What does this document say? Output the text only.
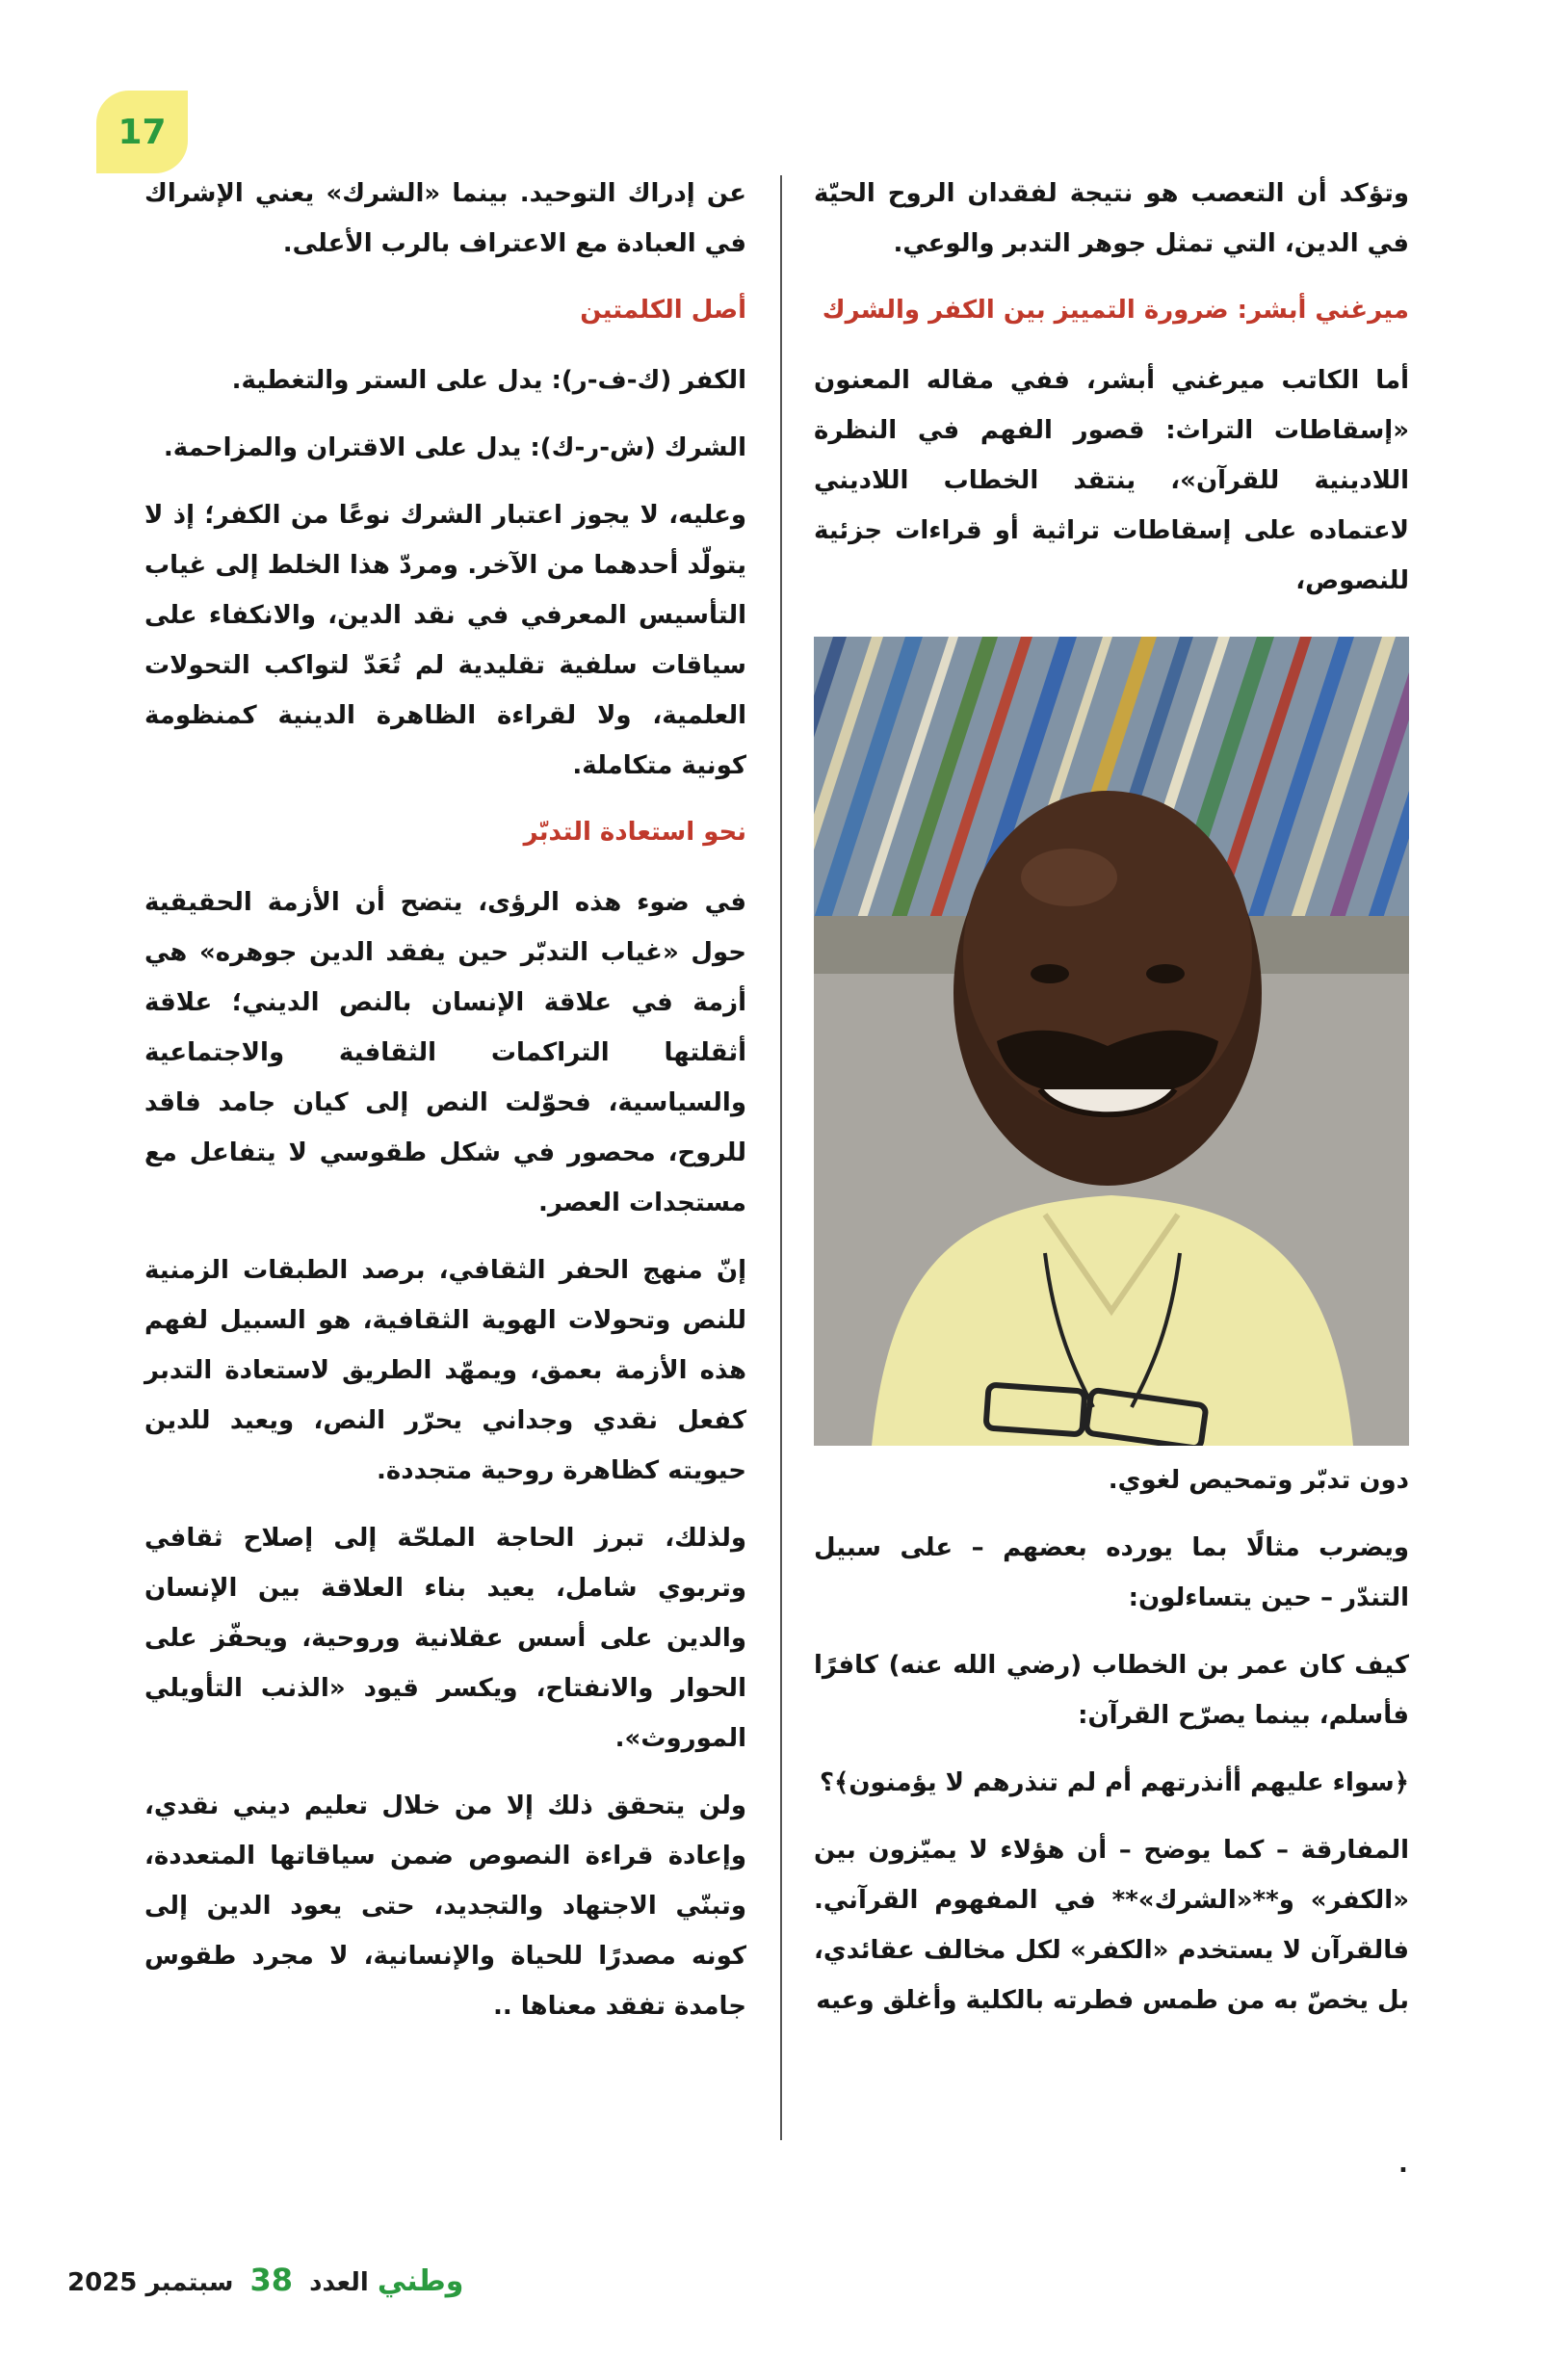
17

وتؤكد أن التعصب هو نتيجة لفقدان الروح الحيّة في الدين، التي تمثل جوهر التدبر والوعي.

ميرغني أبشر: ضرورة التمييز بين الكفر والشرك

أما الكاتب ميرغني أبشر، ففي مقاله المعنون «إسقاطات التراث: قصور الفهم في النظرة اللادينية للقرآن»، ينتقد الخطاب اللاديني لاعتماده على إسقاطات تراثية أو قراءات جزئية للنصوص،

دون تدبّر وتمحيص لغوي.

ويضرب مثالًا بما يورده بعضهم – على سبيل التندّر – حين يتساءلون:

كيف كان عمر بن الخطاب (رضي الله عنه) كافرًا فأسلم، بينما يصرّح القرآن:

﴿سواء عليهم أأنذرتهم أم لم تنذرهم لا يؤمنون﴾؟

المفارقة – كما يوضح – أن هؤلاء لا يميّزون بين «الكفر» و**«الشرك»** في المفهوم القرآني. فالقرآن لا يستخدم «الكفر» لكل مخالف عقائدي، بل يخصّ به من طمس فطرته بالكلية وأغلق وعيه

عن إدراك التوحيد. بينما «الشرك» يعني الإشراك في العبادة مع الاعتراف بالرب الأعلى.

أصل الكلمتين

الكفر (ك-ف-ر): يدل على الستر والتغطية.

الشرك (ش-ر-ك): يدل على الاقتران والمزاحمة.

وعليه، لا يجوز اعتبار الشرك نوعًا من الكفر؛ إذ لا يتولّد أحدهما من الآخر. ومردّ هذا الخلط إلى غياب التأسيس المعرفي في نقد الدين، والانكفاء على سياقات سلفية تقليدية لم تُعَدّ لتواكب التحولات العلمية، ولا لقراءة الظاهرة الدينية كمنظومة كونية متكاملة.

نحو استعادة التدبّر

في ضوء هذه الرؤى، يتضح أن الأزمة الحقيقية حول «غياب التدبّر حين يفقد الدين جوهره» هي أزمة في علاقة الإنسان بالنص الديني؛ علاقة أثقلتها التراكمات الثقافية والاجتماعية والسياسية، فحوّلت النص إلى كيان جامد فاقد للروح، محصور في شكل طقوسي لا يتفاعل مع مستجدات العصر.

إنّ منهج الحفر الثقافي، برصد الطبقات الزمنية للنص وتحولات الهوية الثقافية، هو السبيل لفهم هذه الأزمة بعمق، ويمهّد الطريق لاستعادة التدبر كفعل نقدي وجداني يحرّر النص، ويعيد للدين حيويته كظاهرة روحية متجددة.

ولذلك، تبرز الحاجة الملحّة إلى إصلاح ثقافي وتربوي شامل، يعيد بناء العلاقة بين الإنسان والدين على أسس عقلانية وروحية، ويحفّز على الحوار والانفتاح، ويكسر قيود «الذنب التأويلي الموروث».

ولن يتحقق ذلك إلا من خلال تعليم ديني نقدي، وإعادة قراءة النصوص ضمن سياقاتها المتعددة، وتبنّي الاجتهاد والتجديد، حتى يعود الدين إلى كونه مصدرًا للحياة والإنسانية، لا مجرد طقوس جامدة تفقد معناها ..

.
وطني العدد 38 سبتمبر 2025
